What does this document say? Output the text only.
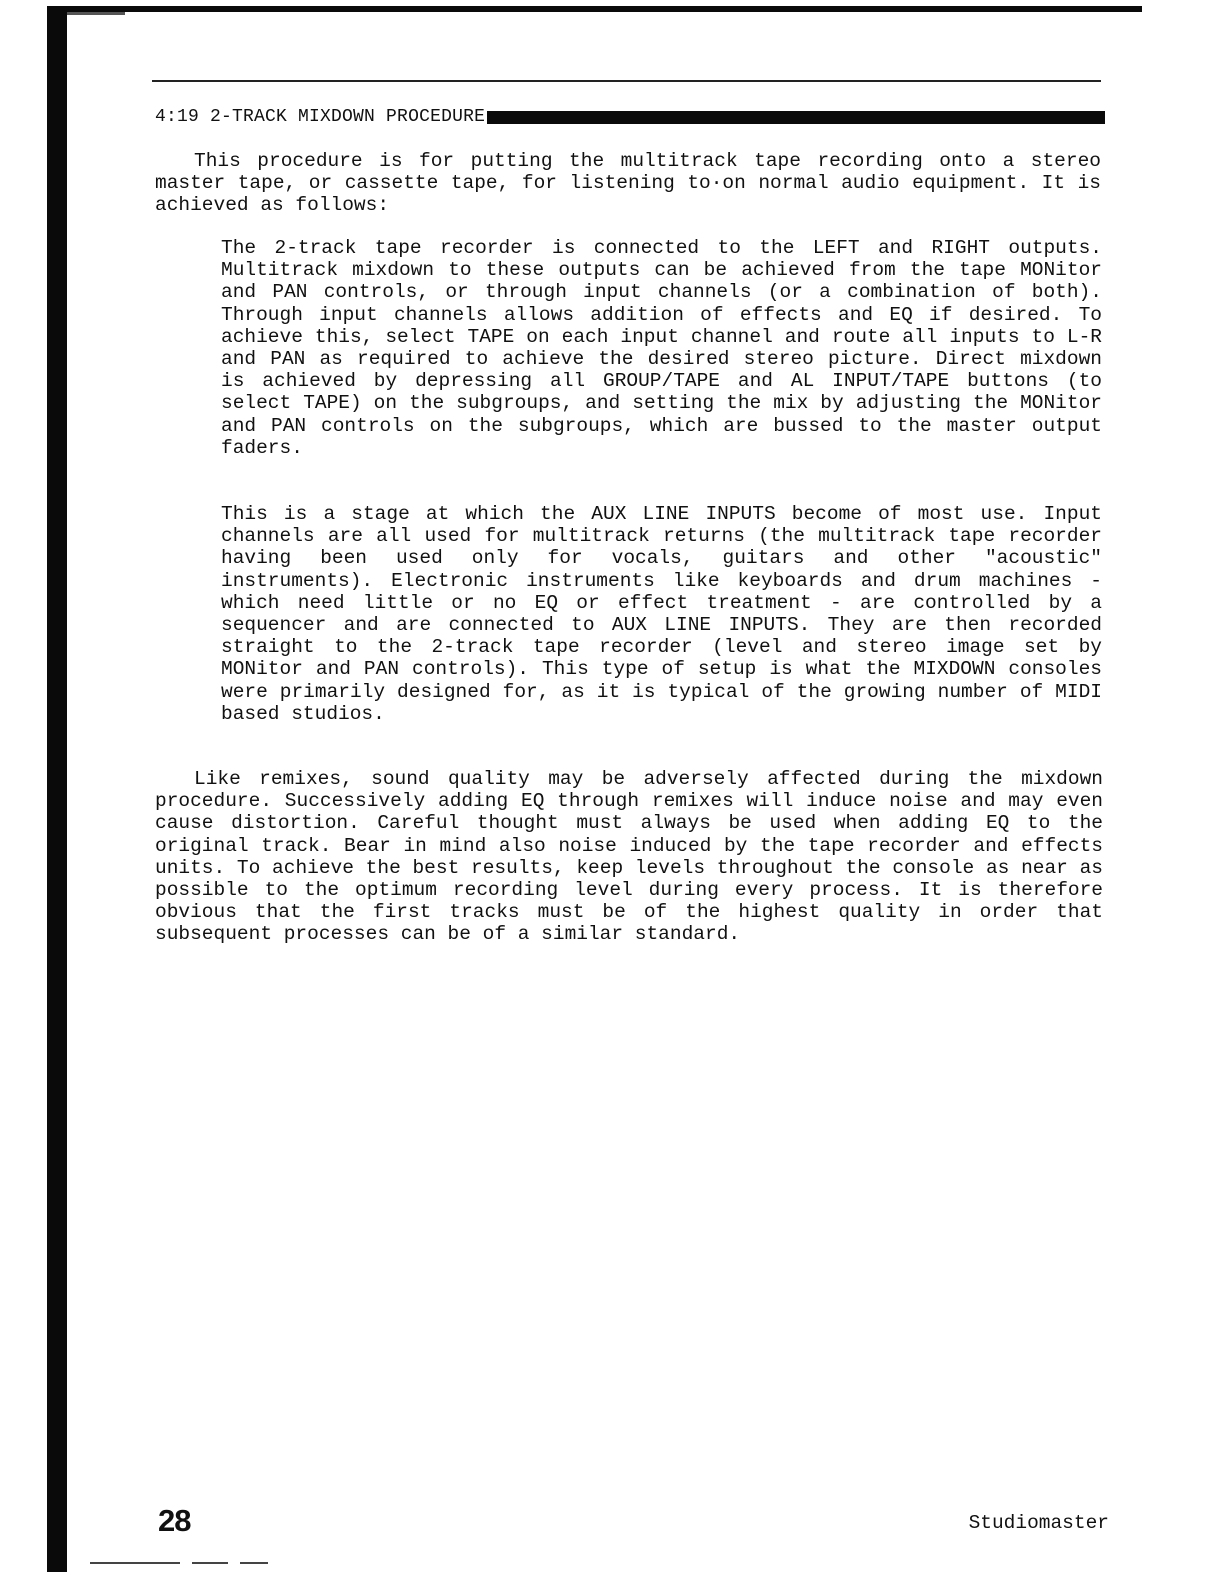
4:19 2-TRACK MIXDOWN PROCEDURE

This procedure is for putting the multitrack tape recording onto a stereo master tape, or cassette tape, for listening to·on normal audio equipment. It is achieved as follows:

The 2-track tape recorder is connected to the LEFT and RIGHT outputs. Multitrack mixdown to these outputs can be achieved from the tape MONitor and PAN controls, or through input channels (or a combination of both). Through input channels allows addition of effects and EQ if desired. To achieve this, select TAPE on each input channel and route all inputs to L-R and PAN as required to achieve the desired stereo picture. Direct mixdown is achieved by depressing all GROUP/TAPE and AL INPUT/TAPE buttons (to select TAPE) on the subgroups, and setting the mix by adjusting the MONitor and PAN controls on the subgroups, which are bussed to the master output faders.

This is a stage at which the AUX LINE INPUTS become of most use. Input channels are all used for multitrack returns (the multitrack tape recorder having been used only for vocals, guitars and other "acoustic" instruments). Electronic instruments like keyboards and drum machines - which need little or no EQ or effect treatment - are controlled by a sequencer and are connected to AUX LINE INPUTS. They are then recorded straight to the 2-track tape recorder (level and stereo image set by MONitor and PAN controls). This type of setup is what the MIXDOWN consoles were primarily designed for, as it is typical of the growing number of MIDI based studios.

Like remixes, sound quality may be adversely affected during the mixdown procedure. Successively adding EQ through remixes will induce noise and may even cause distortion. Careful thought must always be used when adding EQ to the original track. Bear in mind also noise induced by the tape recorder and effects units. To achieve the best results, keep levels throughout the console as near as possible to the optimum recording level during every process. It is therefore obvious that the first tracks must be of the highest quality in order that subsequent processes can be of a similar standard.

28	Studiomaster
